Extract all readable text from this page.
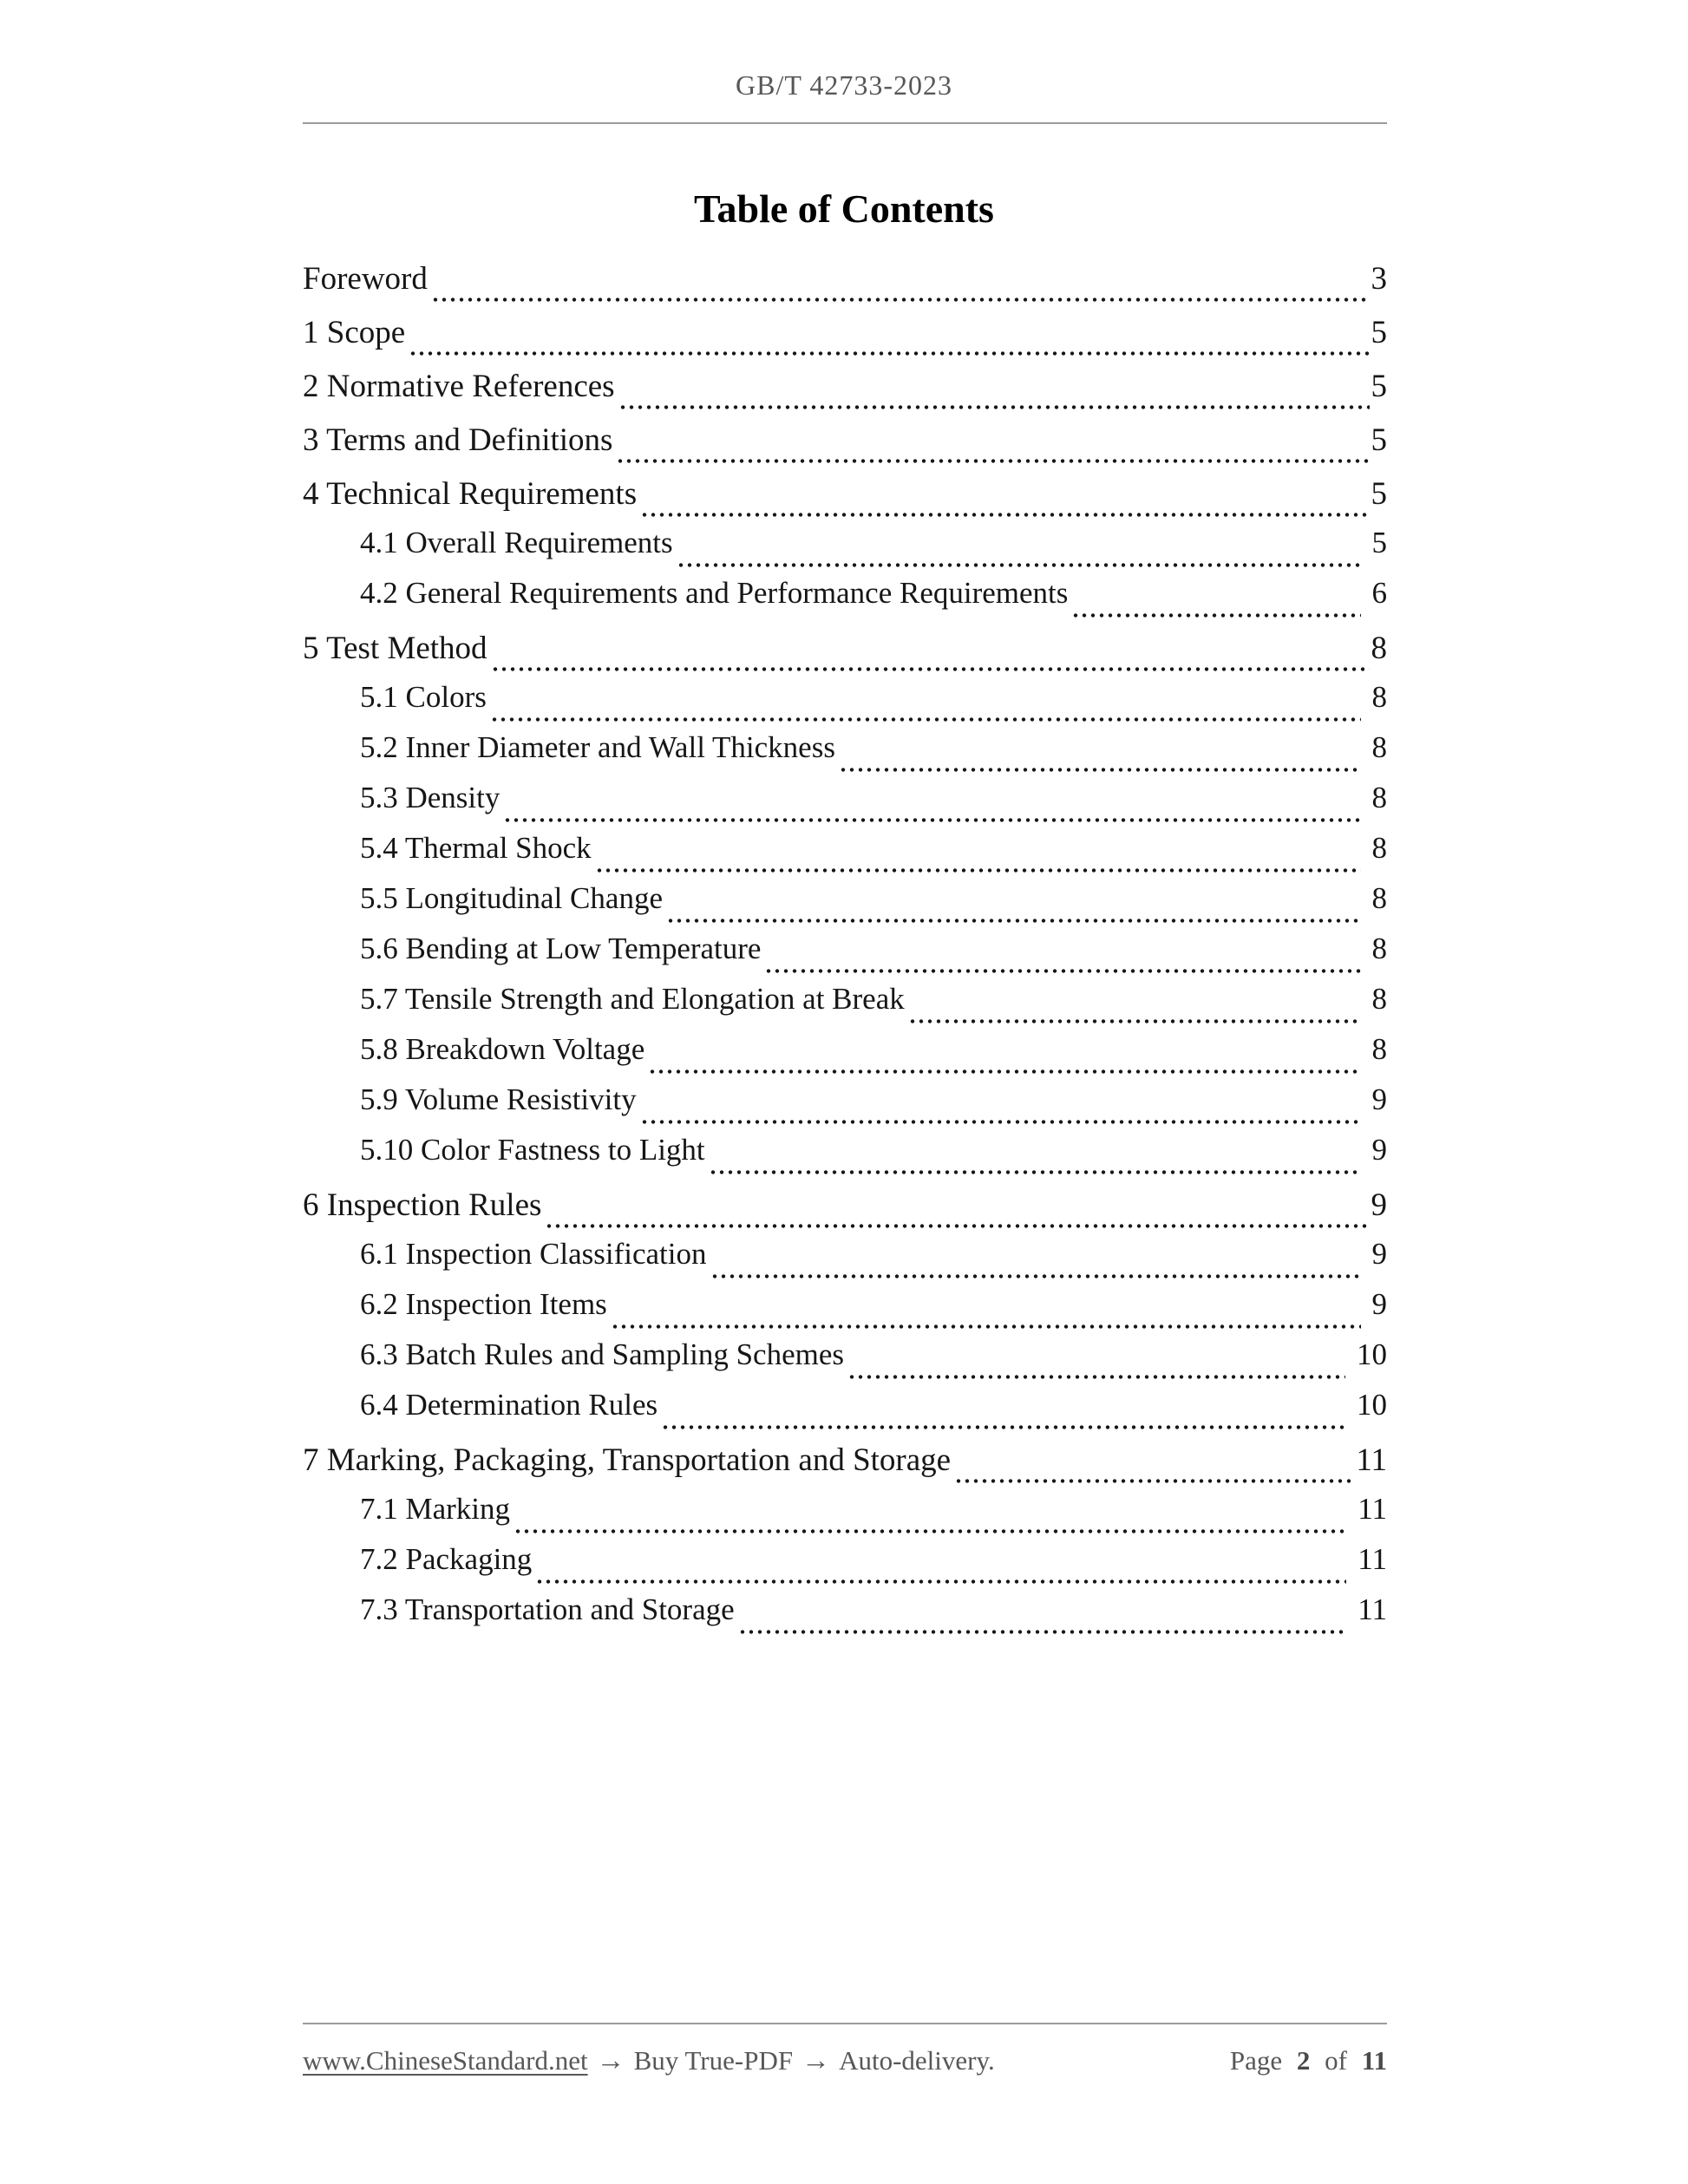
GB/T 42733-2023
Table of Contents
Foreword	3
1 Scope	5
2 Normative References	5
3 Terms and Definitions	5
4 Technical Requirements	5
4.1 Overall Requirements	5
4.2 General Requirements and Performance Requirements	6
5 Test Method	8
5.1 Colors	8
5.2 Inner Diameter and Wall Thickness	8
5.3 Density	8
5.4 Thermal Shock	8
5.5 Longitudinal Change	8
5.6 Bending at Low Temperature	8
5.7 Tensile Strength and Elongation at Break	8
5.8 Breakdown Voltage	8
5.9 Volume Resistivity	9
5.10 Color Fastness to Light	9
6 Inspection Rules	9
6.1 Inspection Classification	9
6.2 Inspection Items	9
6.3 Batch Rules and Sampling Schemes	10
6.4 Determination Rules	10
7 Marking, Packaging, Transportation and Storage	11
7.1 Marking	11
7.2 Packaging	11
7.3 Transportation and Storage	11
www.ChineseStandard.net → Buy True-PDF → Auto-delivery.	Page 2 of 11
